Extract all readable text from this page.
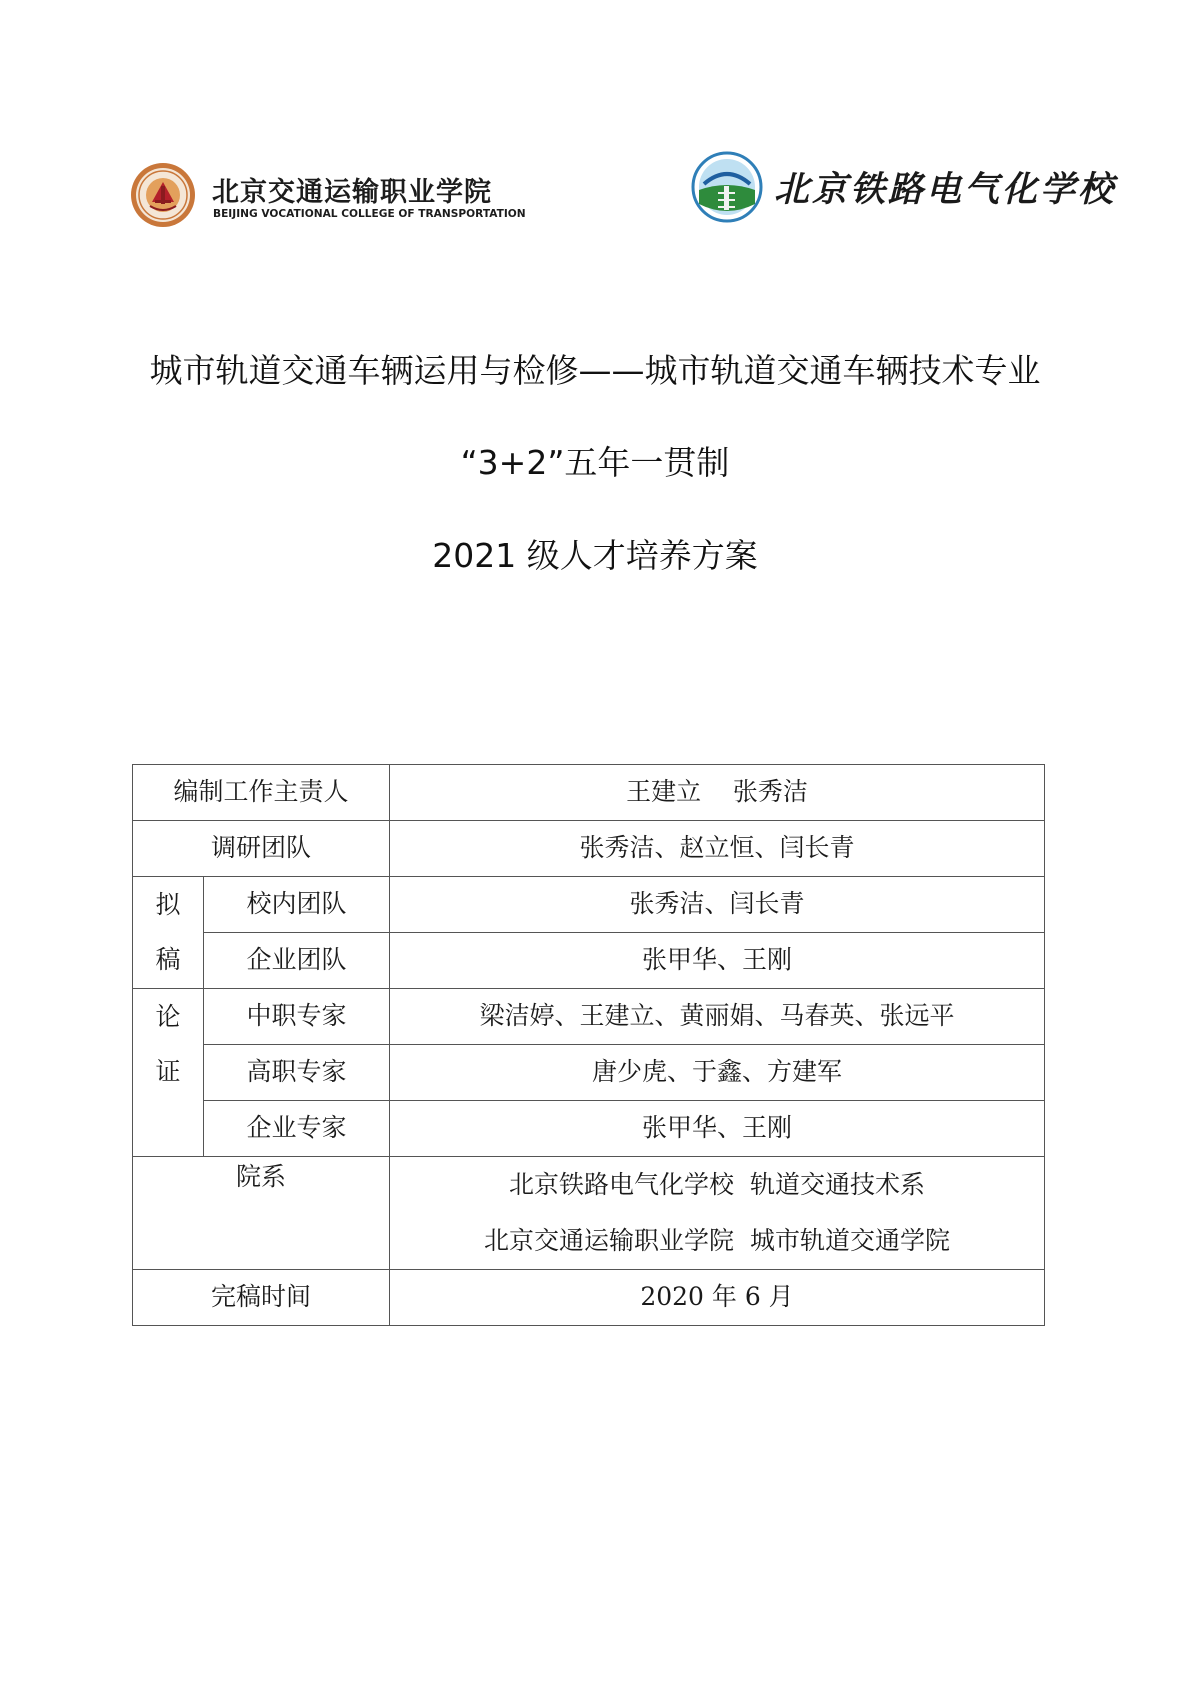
北京交通运输职业学院
BEIJING VOCATIONAL COLLEGE OF TRANSPORTATION
北京铁路电气化学校
城市轨道交通车辆运用与检修——城市轨道交通车辆技术专业
“3+2”五年一贯制
2021 级人才培养方案
编制工作主责人		王建立    张秀洁

调研团队		张秀洁、赵立恒、闫长青

拟
稿	校内团队	张秀洁、闫长青

	企业团队	张甲华、王刚

论
证	中职专家	梁洁婷、王建立、黄丽娟、马春英、张远平

	高职专家	唐少虎、于鑫、方建军

	企业专家	张甲华、王刚

院系		北京铁路电气化学校  轨道交通技术系
北京交通运输职业学院  城市轨道交通学院

完稿时间		2020 年 6 月
